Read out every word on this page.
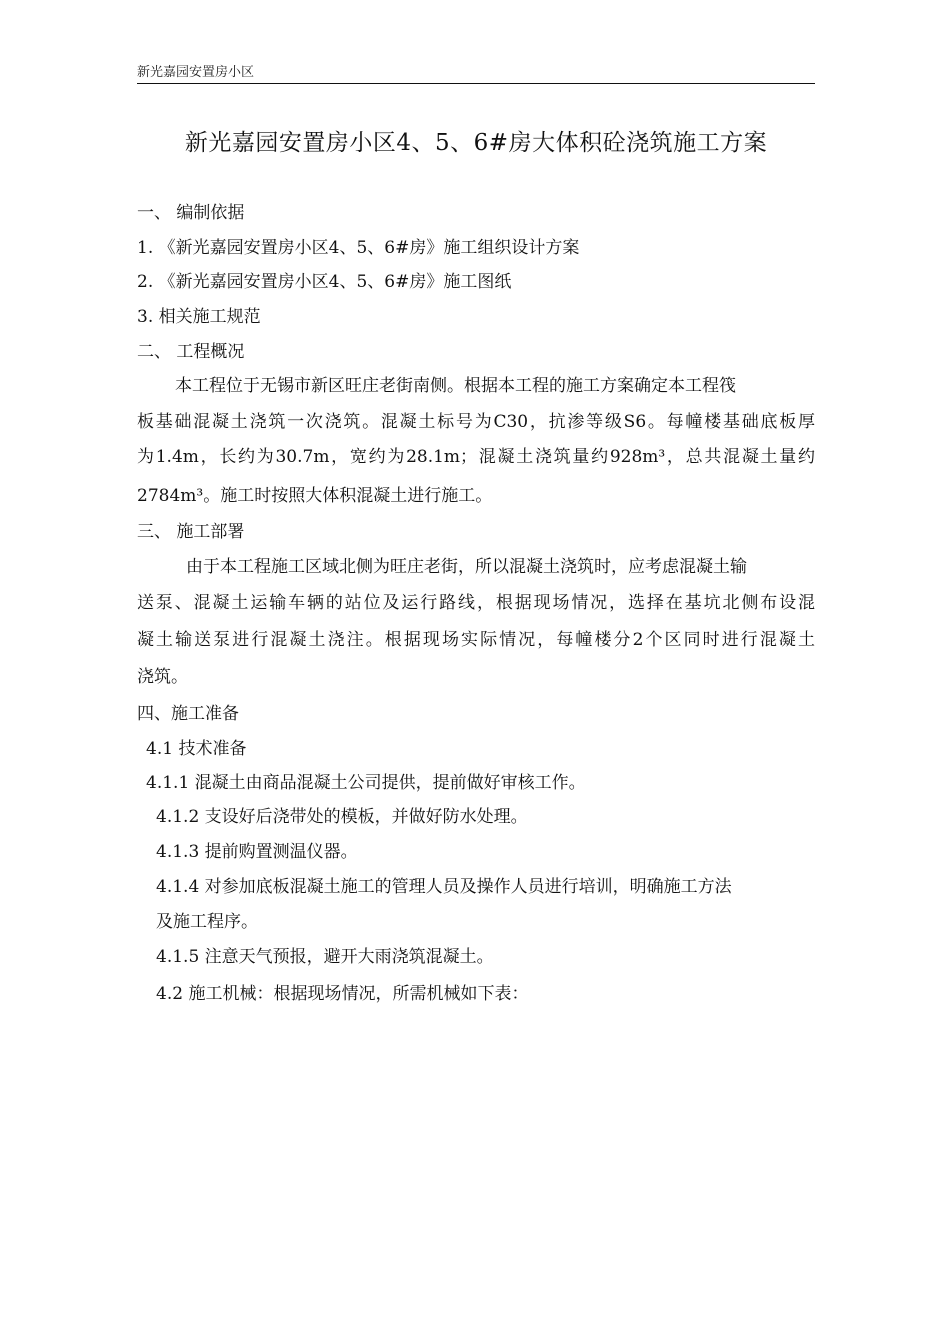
新光嘉园安置房小区
新光嘉园安置房小区4、5、6#房大体积砼浇筑施工方案
一、 编制依据
1. 《新光嘉园安置房小区4、5、6#房》施工组织设计方案
2. 《新光嘉园安置房小区4、5、6#房》施工图纸
3. 相关施工规范
二、 工程概况
本工程位于无锡市新区旺庄老街南侧。根据本工程的施工方案确定本工程筏
板基础混凝土浇筑一次浇筑。混凝土标号为C30，抗渗等级S6。每幢楼基础底板厚
为1.4m，长约为30.7m，宽约为28.1m；混凝土浇筑量约928m³，总共混凝土量约
2784m³。施工时按照大体积混凝土进行施工。
三、 施工部署
由于本工程施工区域北侧为旺庄老街，所以混凝土浇筑时，应考虑混凝土输
送泵、混凝土运输车辆的站位及运行路线，根据现场情况，选择在基坑北侧布设混
凝土输送泵进行混凝土浇注。根据现场实际情况，每幢楼分2个区同时进行混凝土
浇筑。
四、施工准备
4.1 技术准备
4.1.1 混凝土由商品混凝土公司提供，提前做好审核工作。
4.1.2 支设好后浇带处的模板，并做好防水处理。
4.1.3 提前购置测温仪器。
4.1.4 对参加底板混凝土施工的管理人员及操作人员进行培训，明确施工方法
及施工程序。
4.1.5 注意天气预报，避开大雨浇筑混凝土。
4.2 施工机械：根据现场情况，所需机械如下表：
